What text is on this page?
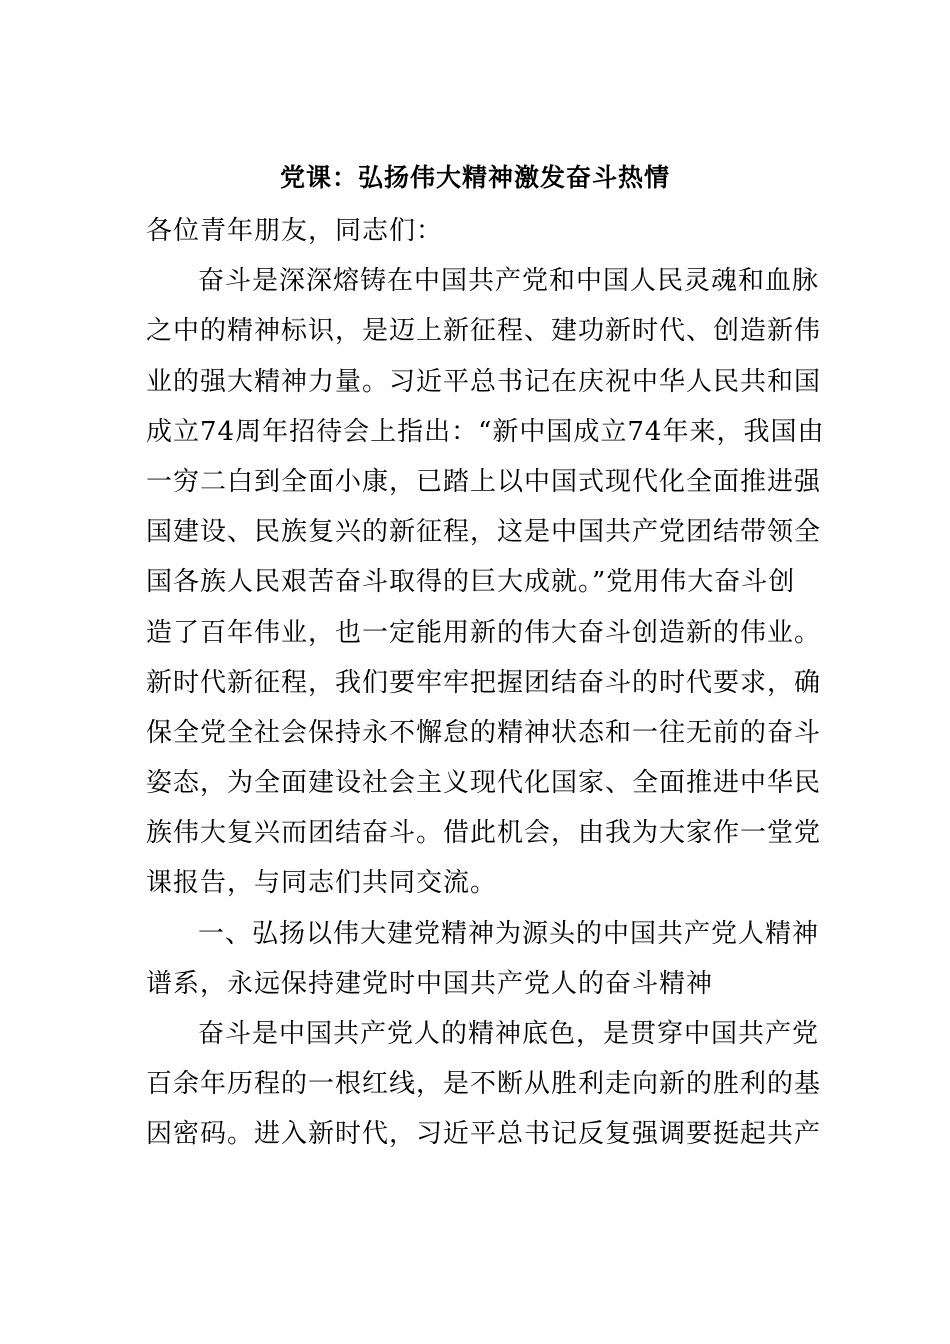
党课：弘扬伟大精神激发奋斗热情
各位青年朋友，同志们：
奋斗是深深熔铸在中国共产党和中国人民灵魂和血脉
之中的精神标识，是迈上新征程、建功新时代、创造新伟
业的强大精神力量。习近平总书记在庆祝中华人民共和国
成立74周年招待会上指出：“新中国成立74年来，我国由
一穷二白到全面小康，已踏上以中国式现代化全面推进强
国建设、民族复兴的新征程，这是中国共产党团结带领全
国各族人民艰苦奋斗取得的巨大成就。”党用伟大奋斗创
造了百年伟业，也一定能用新的伟大奋斗创造新的伟业。
新时代新征程，我们要牢牢把握团结奋斗的时代要求，确
保全党全社会保持永不懈怠的精神状态和一往无前的奋斗
姿态，为全面建设社会主义现代化国家、全面推进中华民
族伟大复兴而团结奋斗。借此机会，由我为大家作一堂党
课报告，与同志们共同交流。
一、弘扬以伟大建党精神为源头的中国共产党人精神
谱系，永远保持建党时中国共产党人的奋斗精神
奋斗是中国共产党人的精神底色，是贯穿中国共产党
百余年历程的一根红线，是不断从胜利走向新的胜利的基
因密码。进入新时代，习近平总书记反复强调要挺起共产
